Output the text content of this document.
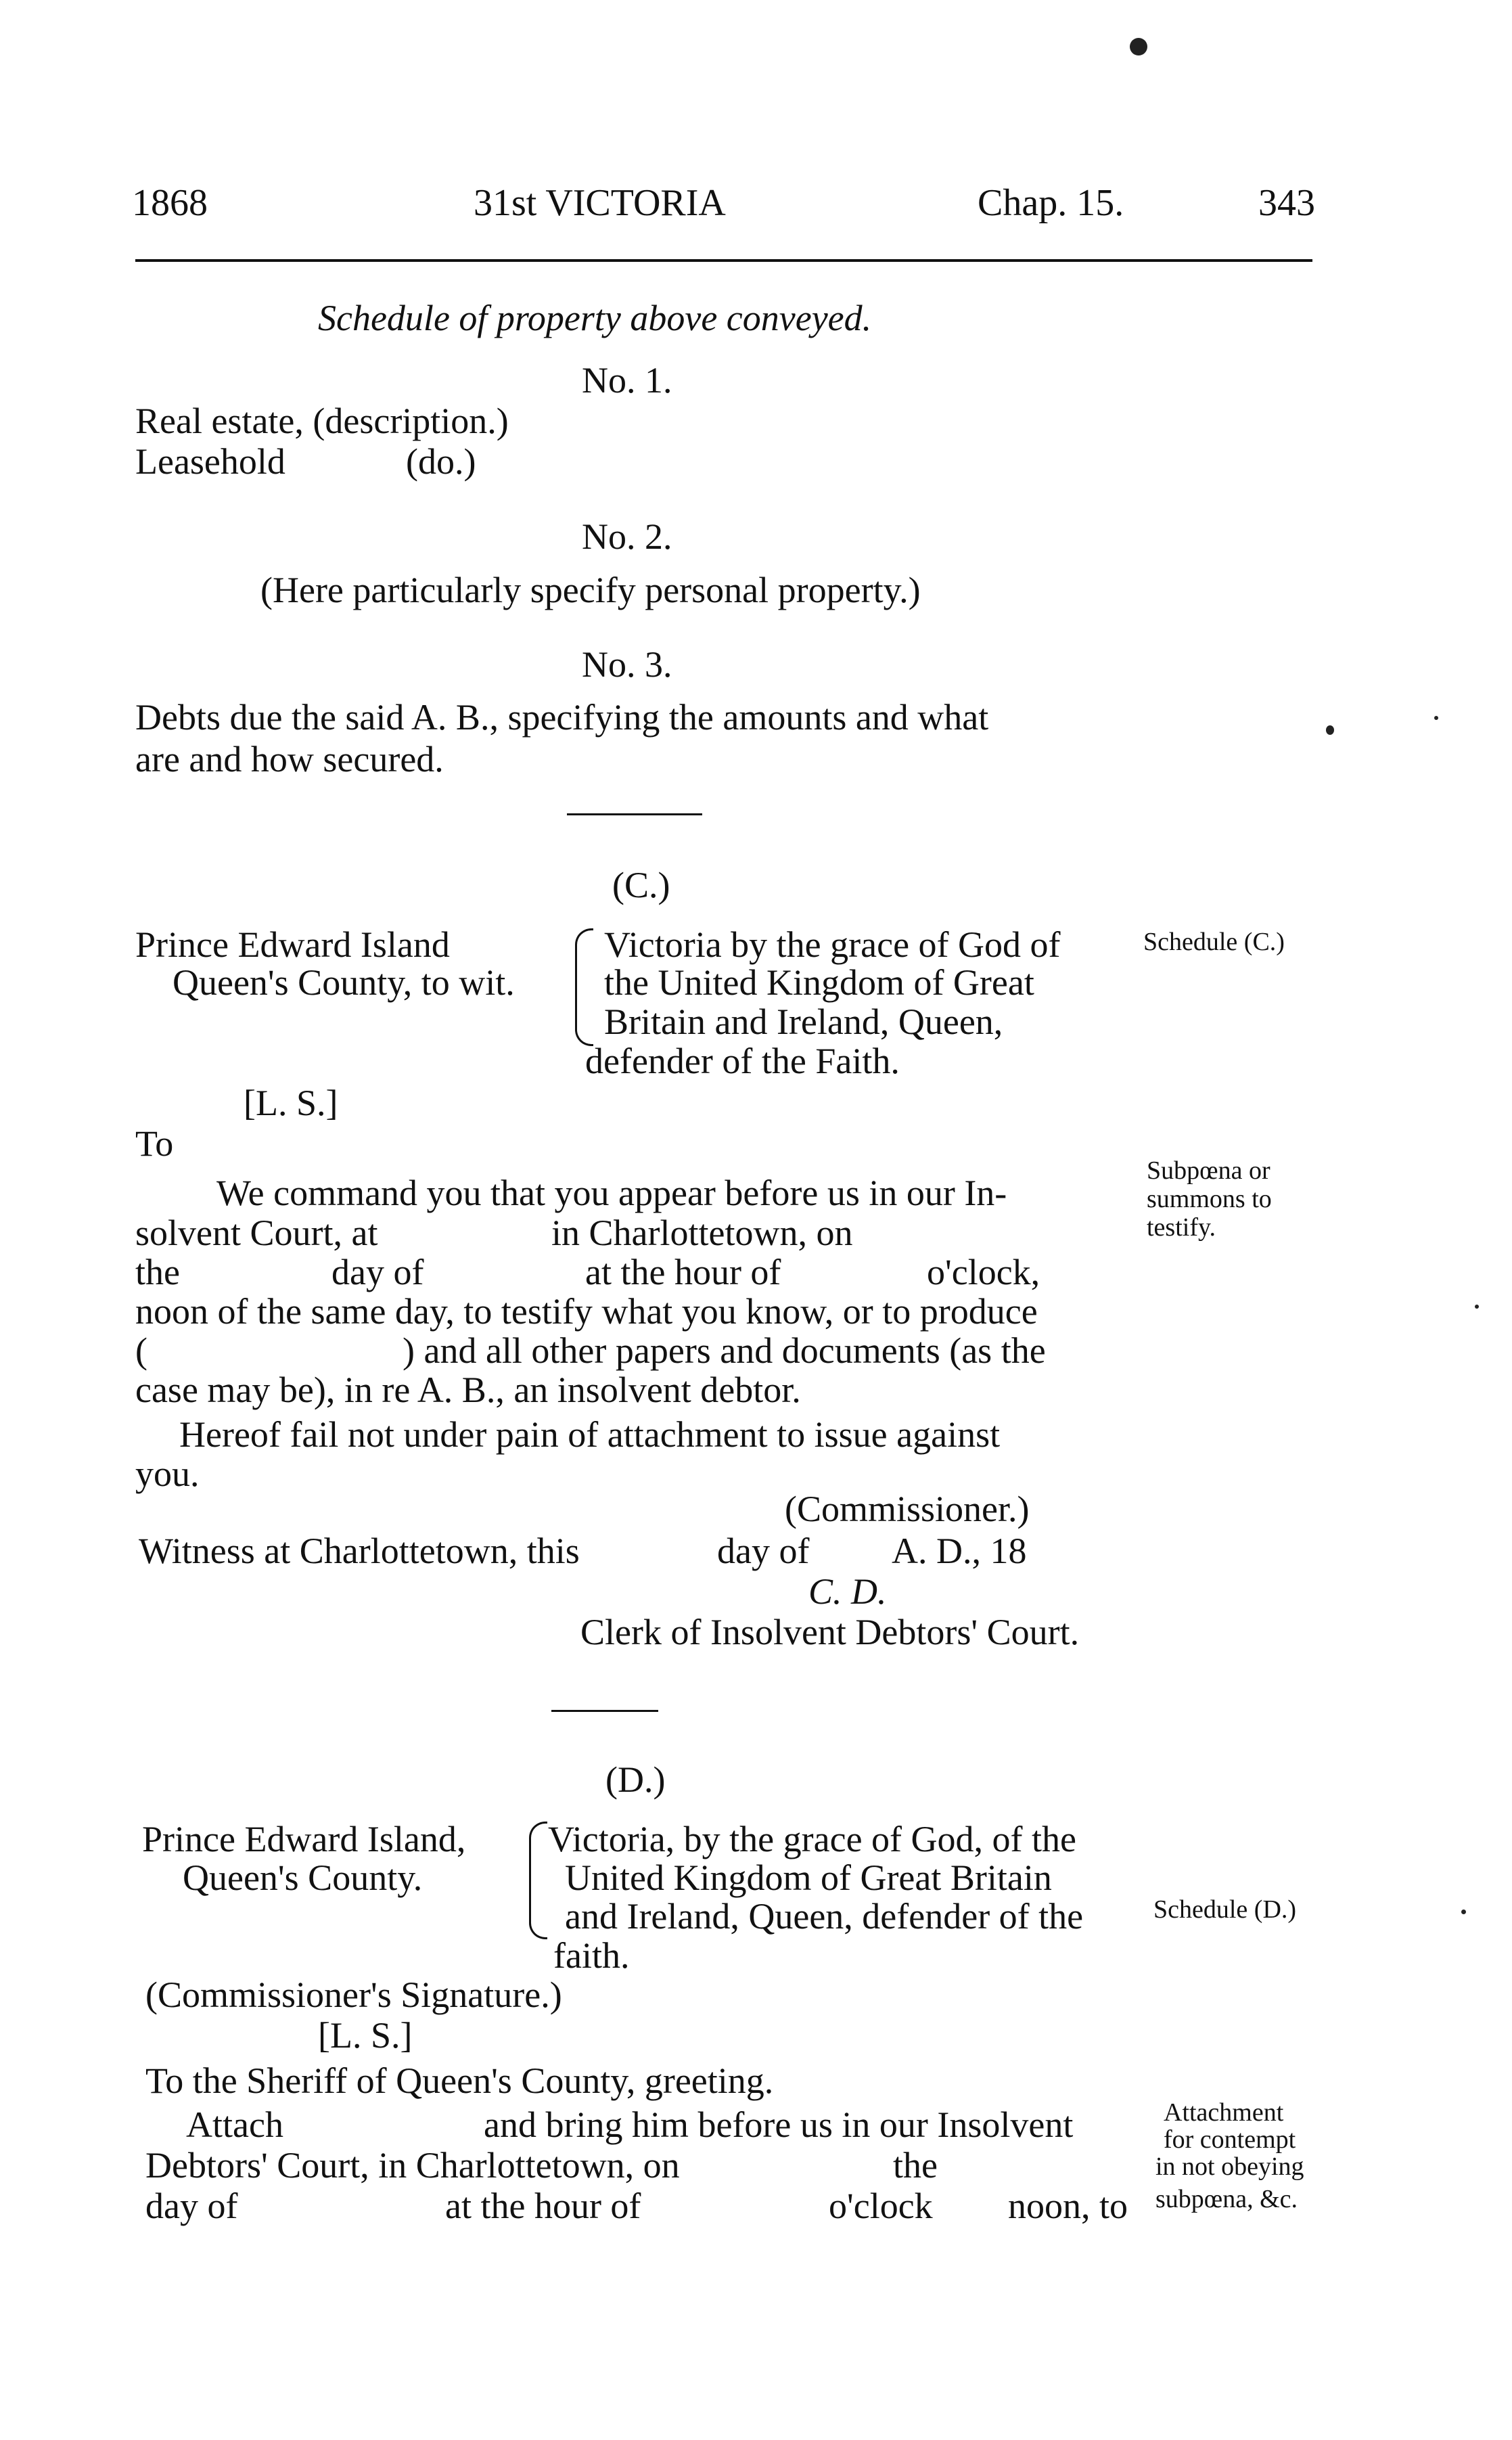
1868	31st VICTORIA	Chap. 15.	343
Schedule of property above conveyed.
No. 1.
Real estate, (description.)
Leasehold	(do.)
No. 2.
(Here particularly specify personal property.)
No. 3.
Debts due the said A. B., specifying the amounts and what
are and how secured.
(C.)
Prince Edward Island
Queen's County, to wit.
Victoria by the grace of God of
the United Kingdom of Great
Britain and Ireland, Queen,
defender of the Faith.
Schedule (C.)
[L. S.]
To
We command you that you appear before us in our In-
solvent Court, at	in Charlottetown, on
the	day of	at the hour of	o'clock,
noon of the same day, to testify what you know, or to produce
(	) and all other papers and documents (as the
case may be), in re A. B., an insolvent debtor.
Hereof fail not under pain of attachment to issue against
you.
Subpœna or
summons to
testify.
(Commissioner.)
Witness at Charlottetown, this	day of A. D., 18
C. D.
Clerk of Insolvent Debtors' Court.
(D.)
Prince Edward Island,
Queen's County.
Victoria, by the grace of God, of the
United Kingdom of Great Britain
and Ireland, Queen, defender of the
faith.
Schedule (D.)
(Commissioner's Signature.)
[L. S.]
To the Sheriff of Queen's County, greeting.
Attach	and bring him before us in our Insolvent
Debtors' Court, in Charlottetown, on	the
day of	at the hour of	o'clock noon, to
Attachment
for contempt
in not obeying
subpœna, &c.
